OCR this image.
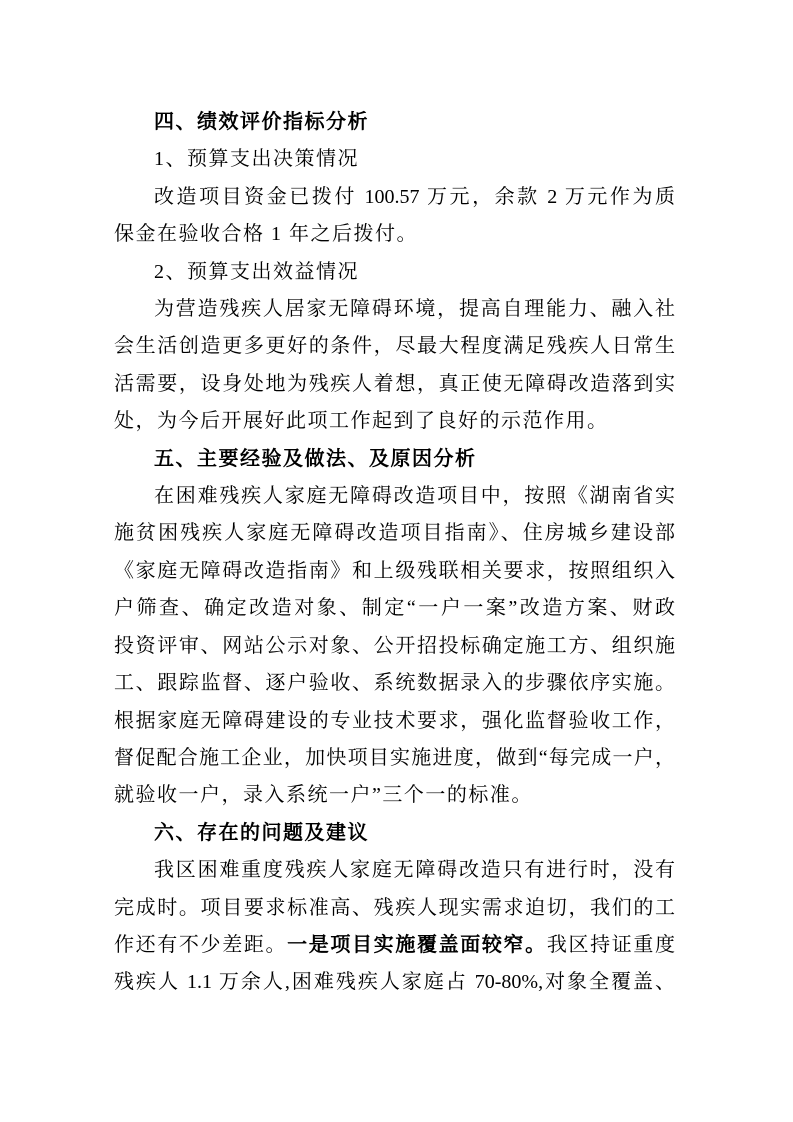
四、绩效评价指标分析
1、预算支出决策情况
改造项目资金已拨付 100.57 万元，余款 2 万元作为质
保金在验收合格 1 年之后拨付。
2、预算支出效益情况
为营造残疾人居家无障碍环境，提高自理能力、融入社
会生活创造更多更好的条件，尽最大程度满足残疾人日常生
活需要，设身处地为残疾人着想，真正使无障碍改造落到实
处，为今后开展好此项工作起到了良好的示范作用。
五、主要经验及做法、及原因分析
在困难残疾人家庭无障碍改造项目中，按照《湖南省实
施贫困残疾人家庭无障碍改造项目指南》、住房城乡建设部
《家庭无障碍改造指南》和上级残联相关要求，按照组织入
户筛查、确定改造对象、制定“一户一案”改造方案、财政
投资评审、网站公示对象、公开招投标确定施工方、组织施
工、跟踪监督、逐户验收、系统数据录入的步骤依序实施。
根据家庭无障碍建设的专业技术要求，强化监督验收工作，
督促配合施工企业，加快项目实施进度，做到“每完成一户，
就验收一户，录入系统一户”三个一的标准。
六、存在的问题及建议
我区困难重度残疾人家庭无障碍改造只有进行时，没有
完成时。项目要求标准高、残疾人现实需求迫切，我们的工
作还有不少差距。一是项目实施覆盖面较窄。我区持证重度
残疾人 1.1 万余人,困难残疾人家庭占 70-80%,对象全覆盖、
